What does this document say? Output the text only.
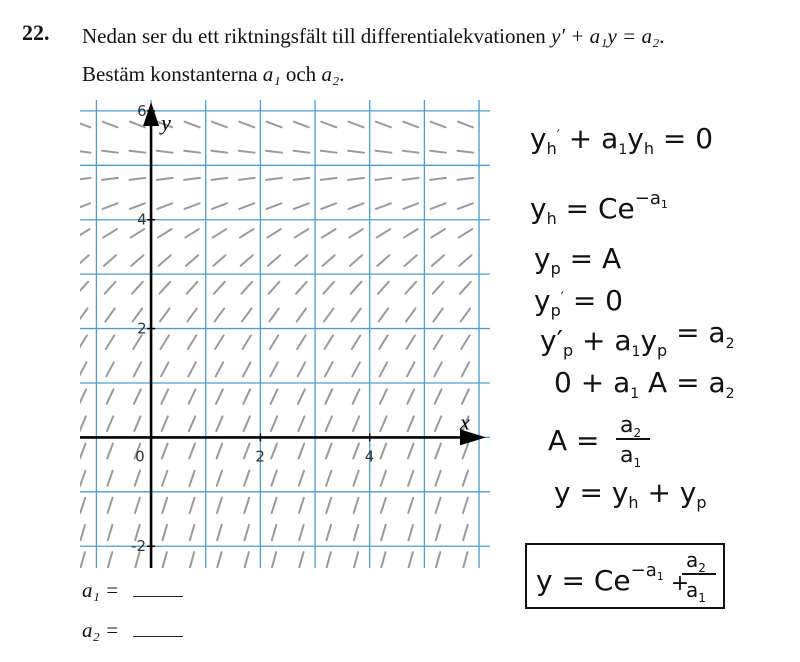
22. Nedan ser du ett riktningsfält till differentialekvationen y′ + a₁y = a₂.
Bestäm konstanterna a₁ och a₂.
x
y
2	4
-2
2
4
6
0
$y_h' + a_1y_h = 0$
$y_h = Ce^{-a}1$
$y_p = A$
$y_p' = 0$
$y'_p + a_1y_p = a_2$
$0 + a_1$ $A = a_2$
$A = a_2$
$a_1$
$y = y_h + y_p$
$y = Ce^{-a}1$ $_+$
$a_2$
$a_1$
a₁ =
a₂ =
